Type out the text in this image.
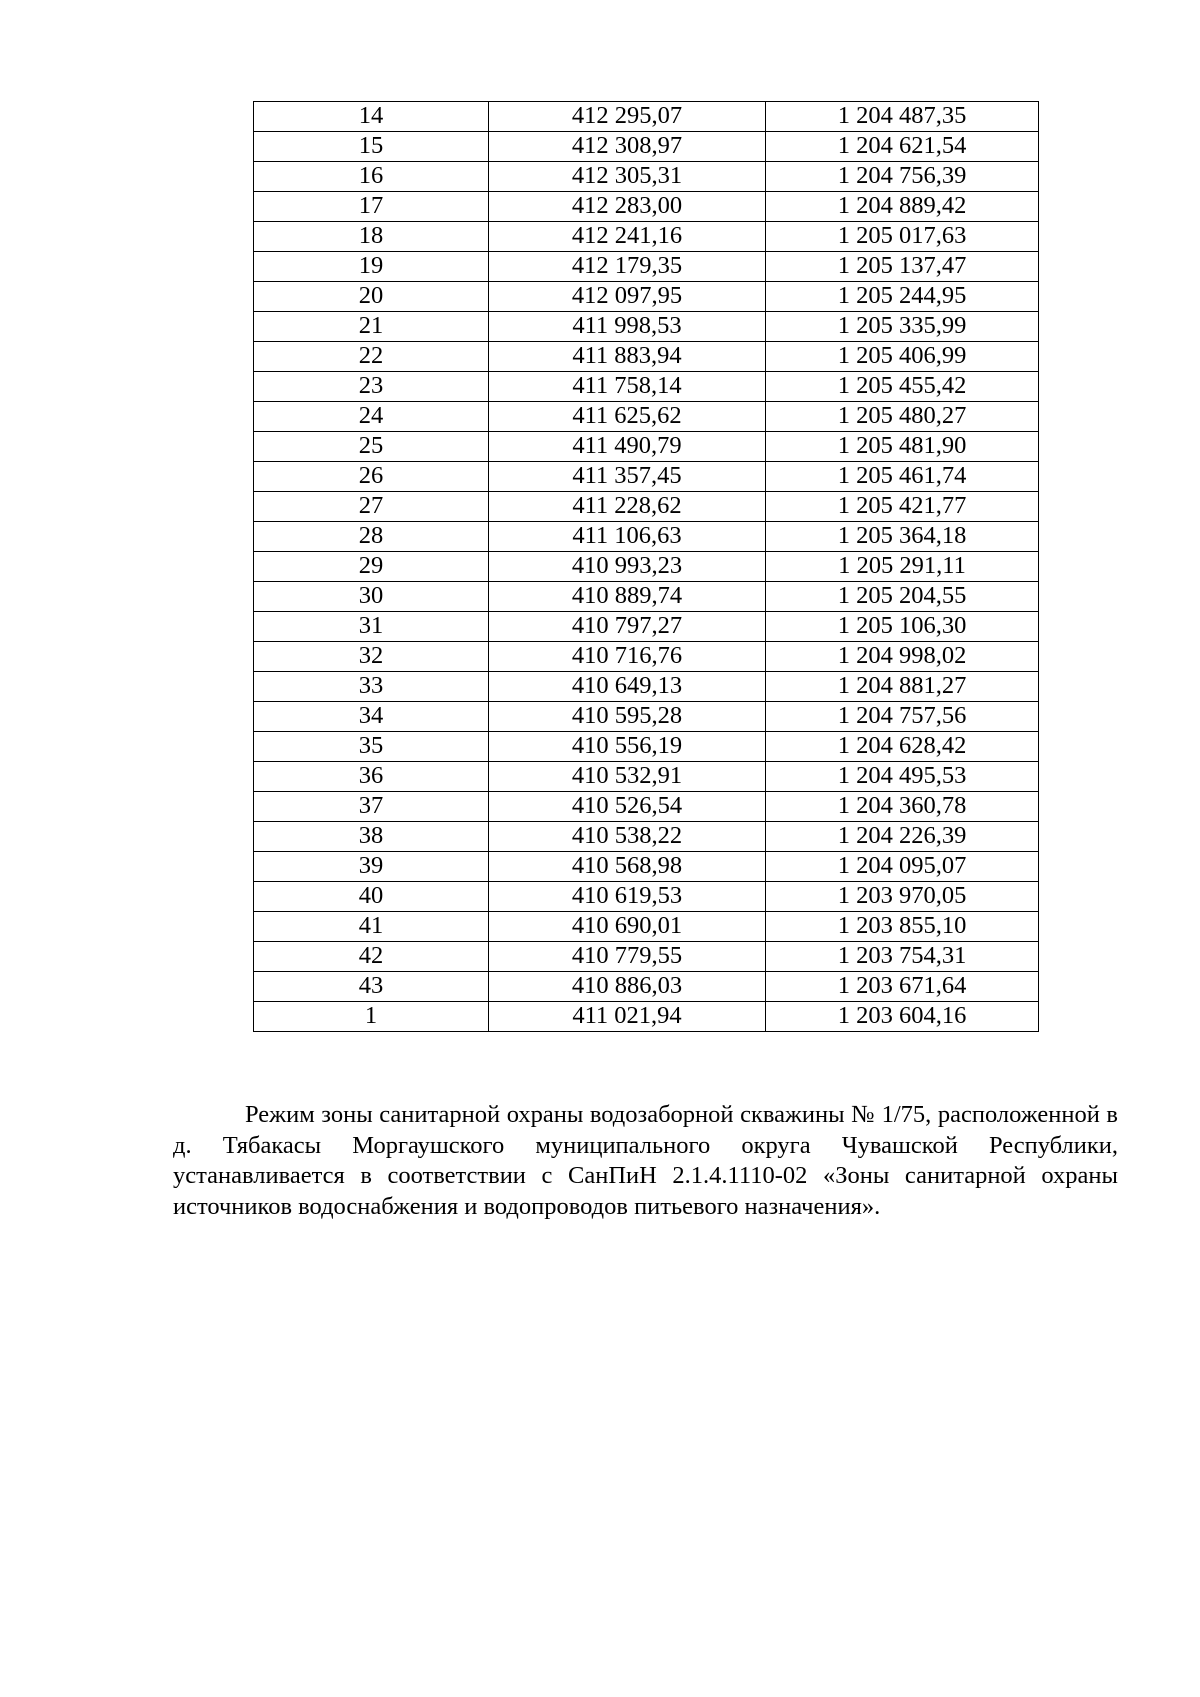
14	412 295,07	1 204 487,35
15	412 308,97	1 204 621,54
16	412 305,31	1 204 756,39
17	412 283,00	1 204 889,42
18	412 241,16	1 205 017,63
19	412 179,35	1 205 137,47
20	412 097,95	1 205 244,95
21	411 998,53	1 205 335,99
22	411 883,94	1 205 406,99
23	411 758,14	1 205 455,42
24	411 625,62	1 205 480,27
25	411 490,79	1 205 481,90
26	411 357,45	1 205 461,74
27	411 228,62	1 205 421,77
28	411 106,63	1 205 364,18
29	410 993,23	1 205 291,11
30	410 889,74	1 205 204,55
31	410 797,27	1 205 106,30
32	410 716,76	1 204 998,02
33	410 649,13	1 204 881,27
34	410 595,28	1 204 757,56
35	410 556,19	1 204 628,42
36	410 532,91	1 204 495,53
37	410 526,54	1 204 360,78
38	410 538,22	1 204 226,39
39	410 568,98	1 204 095,07
40	410 619,53	1 203 970,05
41	410 690,01	1 203 855,10
42	410 779,55	1 203 754,31
43	410 886,03	1 203 671,64
1	411 021,94	1 203 604,16

Режим зоны санитарной охраны водозаборной скважины № 1/75, расположенной в д. Тябакасы Моргаушского муниципального округа Чувашской Республики, устанавливается в соответствии с СанПиН 2.1.4.1110-02 «Зоны санитарной охраны источников водоснабжения и водопроводов питьевого назначения».
